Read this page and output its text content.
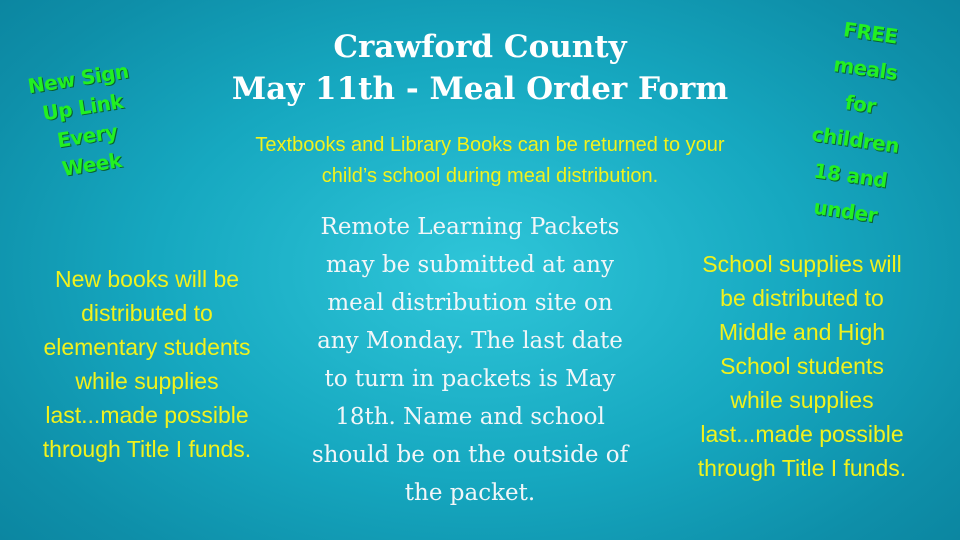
Crawford County
May 11th - Meal Order Form
Textbooks and Library Books can be returned to your
child’s school during meal distribution.
New Sign
Up Link
Every
Week
FREE
meals
for
children
18 and
under
New books will be
distributed to
elementary students
while supplies
last...made possible
through Title I funds.
Remote Learning Packets
may be submitted at any
meal distribution site on
any Monday. The last date
to turn in packets is May
18th. Name and school
should be on the outside of
the packet.
School supplies will
be distributed to
Middle and High
School students
while supplies
last...made possible
through Title I funds.
